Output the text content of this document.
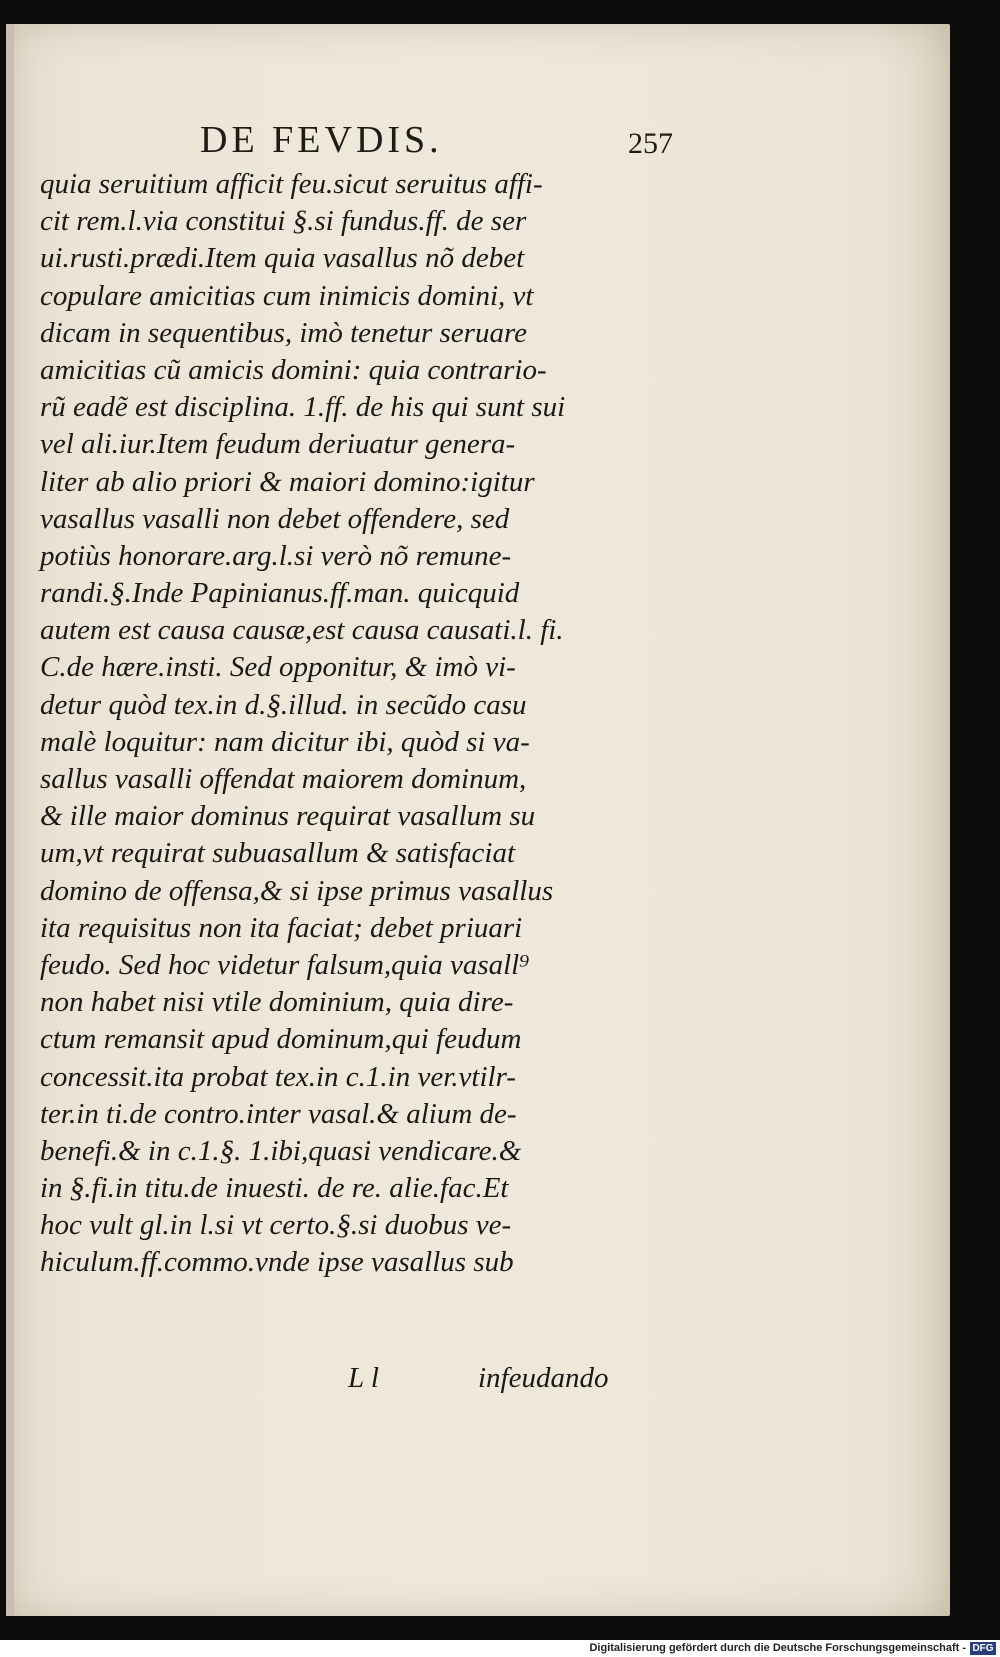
DE FEVDIS.	257
quia seruitium afficit feu.sicut seruitus affi-
cit rem.l.via constitui §.si fundus.ff. de ser
ui.rusti.prædi.Item quia vasallus nõ debet
copulare amicitias cum inimicis domini, vt
dicam in sequentibus, imò tenetur seruare
amicitias cũ amicis domini: quia contrario-
rũ eadẽ est disciplina. 1.ff. de his qui sunt sui
vel ali.iur.Item feudum deriuatur genera-
liter ab alio priori & maiori domino:igitur
vasallus vasalli non debet offendere, sed
potiùs honorare.arg.l.si verò nõ remune-
randi.§.Inde Papinianus.ff.man. quicquid
autem est causa causæ,est causa causati.l. fi.
C.de hære.insti. Sed opponitur, & imò vi-
detur quòd tex.in d.§.illud. in secũdo casu
malè loquitur: nam dicitur ibi, quòd si va-
sallus vasalli offendat maiorem dominum,
& ille maior dominus requirat vasallum su
um,vt requirat subuasallum & satisfaciat
domino de offensa,& si ipse primus vasallus
ita requisitus non ita faciat; debet priuari
feudo. Sed hoc videtur falsum,quia vasall⁹
non habet nisi vtile dominium, quia dire-
ctum remansit apud dominum,qui feudum
concessit.ita probat tex.in c.1.in ver.vtilr-
ter.in ti.de contro.inter vasal.& alium de-
benefi.& in c.1.§. 1.ibi,quasi vendicare.&
in §.fi.in titu.de inuesti. de re. alie.fac.Et
hoc vult gl.in l.si vt certo.§.si duobus ve-
hiculum.ff.commo.vnde ipse vasallus sub
L l	infeudando
Digitalisierung gefördert durch die Deutsche Forschungsgemeinschaft - DFG
